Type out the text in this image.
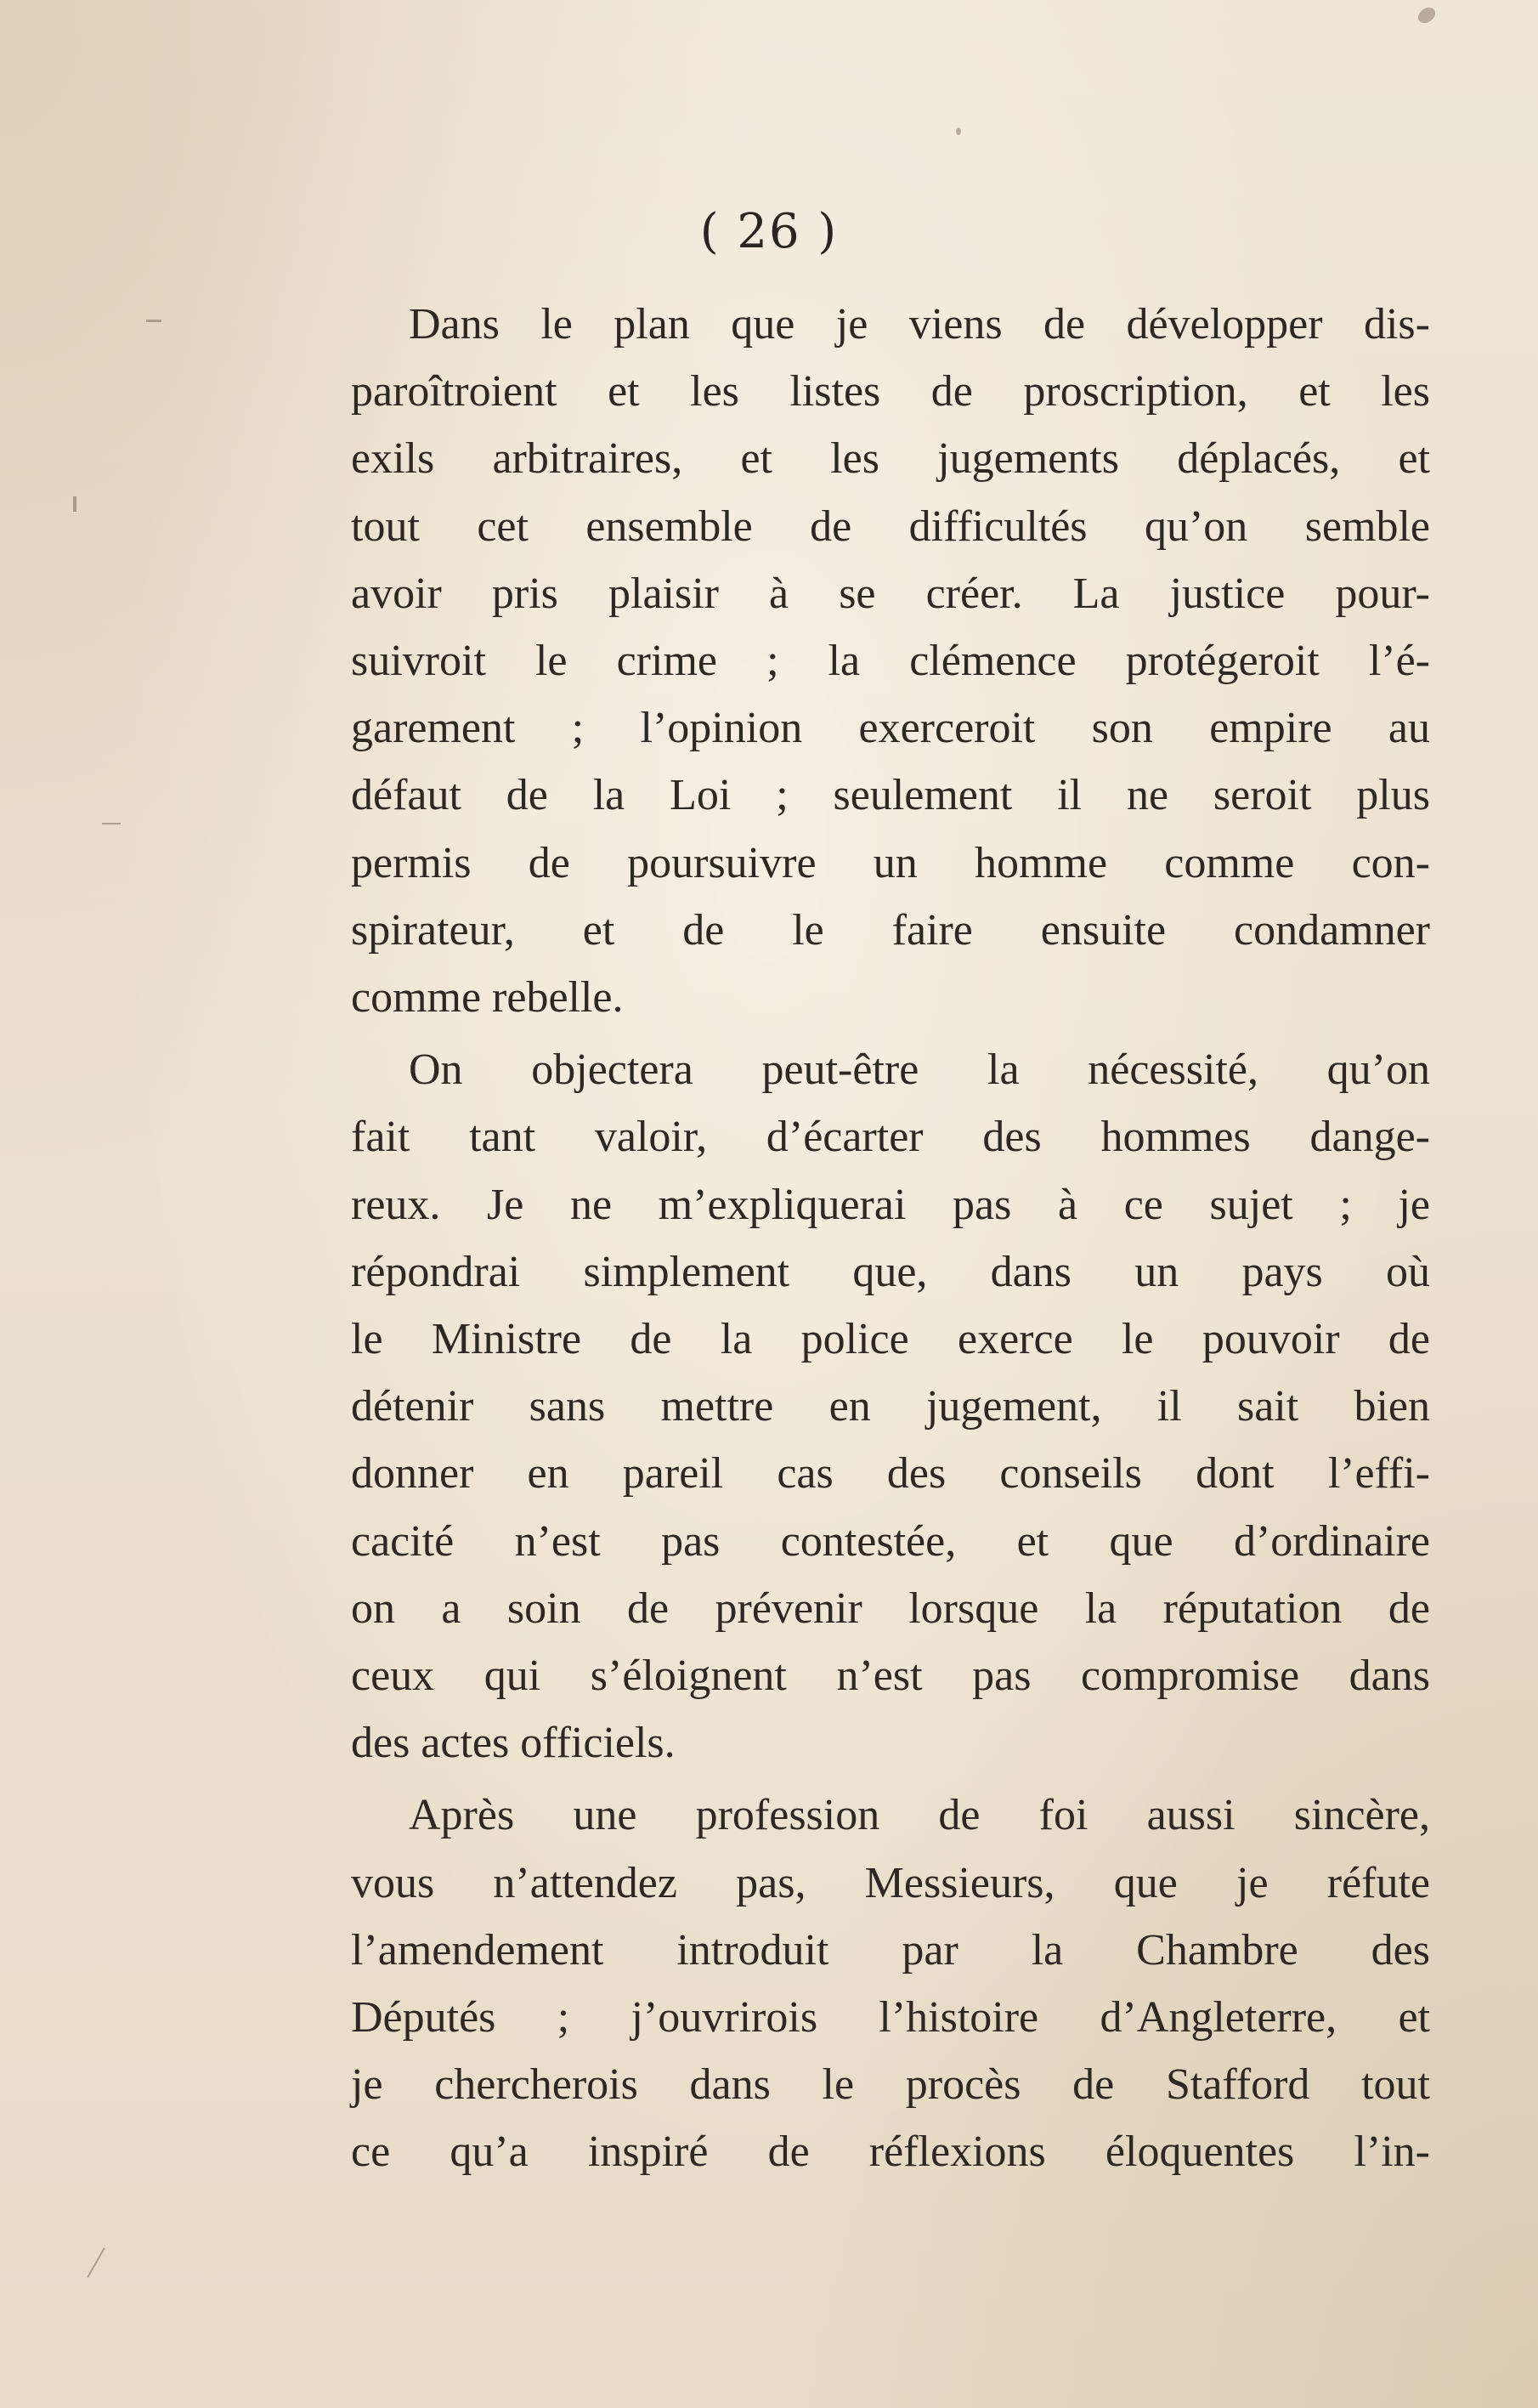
( 26 )
Dans le plan que je viens de développer dis-
paroîtroient et les listes de proscription, et les
exils arbitraires, et les jugements déplacés, et
tout cet ensemble de difficultés qu’on semble
avoir pris plaisir à se créer. La justice pour-
suivroit le crime ; la clémence protégeroit l’é-
garement ; l’opinion exerceroit son empire au
défaut de la Loi ; seulement il ne seroit plus
permis de poursuivre un homme comme con-
spirateur, et de le faire ensuite condamner
comme rebelle.
On objectera peut-être la nécessité, qu’on
fait tant valoir, d’écarter des hommes dange-
reux. Je ne m’expliquerai pas à ce sujet ; je
répondrai simplement que, dans un pays où
le Ministre de la police exerce le pouvoir de
détenir sans mettre en jugement, il sait bien
donner en pareil cas des conseils dont l’effi-
cacité n’est pas contestée, et que d’ordinaire
on a soin de prévenir lorsque la réputation de
ceux qui s’éloignent n’est pas compromise dans
des actes officiels.
Après une profession de foi aussi sincère,
vous n’attendez pas, Messieurs, que je réfute
l’amendement introduit par la Chambre des
Députés ; j’ouvrirois l’histoire d’Angleterre, et
je chercherois dans le procès de Stafford tout
ce qu’a inspiré de réflexions éloquentes l’in-
